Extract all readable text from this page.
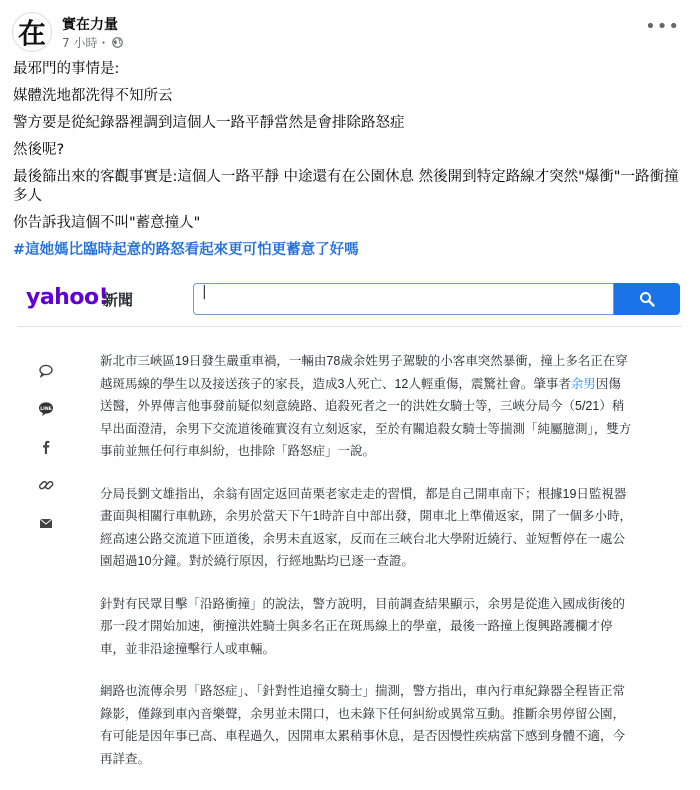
在	實在力量
7 小時・
•••

最邪門的事情是:

媒體洗地都洗得不知所云

警方要是從紀錄器裡調到這個人一路平靜當然是會排除路怒症

然後呢?

最後篩出來的客觀事實是:這個人一路平靜 中途還有在公園休息 然後開到特定路線才突然"爆衝"一路衝撞多人

你告訴我這個不叫"蓄意撞人"

#這她媽比臨時起意的路怒看起來更可怕更蓄意了好嗎

yahoo!
新聞	|
LINE

新北市三峽區19日發生嚴重車禍，一輛由78歲余姓男子駕駛的小客車突然暴衝，撞上多名正在穿越斑馬線的學生以及接送孩子的家長，造成3人死亡、12人輕重傷，震驚社會。肇事者余男因傷送醫，外界傳言他事發前疑似刻意繞路、追殺死者之一的洪姓女騎士等，三峽分局今（5/21）稍早出面澄清，余男下交流道後確實沒有立刻返家，至於有關追殺女騎士等揣測「純屬臆測」，雙方事前並無任何行車糾紛，也排除「路怒症」一說。

分局長劉文雄指出，余翁有固定返回苗栗老家走走的習慣，都是自己開車南下；根據19日監視器畫面與相關行車軌跡，余男於當天下午1時許自中部出發，開車北上準備返家，開了一個多小時，經高速公路交流道下匝道後，余男未直返家，反而在三峽台北大學附近繞行、並短暫停在一處公園超過10分鐘。對於繞行原因，行經地點均已逐一查證。

針對有民眾目擊「沿路衝撞」的說法，警方說明，目前調查結果顯示，余男是從進入國成街後的那一段才開始加速，衝撞洪姓騎士與多名正在斑馬線上的學童，最後一路撞上復興路護欄才停車，並非沿途撞擊行人或車輛。

網路也流傳余男「路怒症」、「針對性追撞女騎士」揣測，警方指出，車內行車紀錄器全程皆正常錄影，僅錄到車內音樂聲，余男並未開口，也未錄下任何糾紛或異常互動。推斷余男停留公園，有可能是因年事已高、車程過久，因開車太累稍事休息，是否因慢性疾病當下感到身體不適，今再詳查。
